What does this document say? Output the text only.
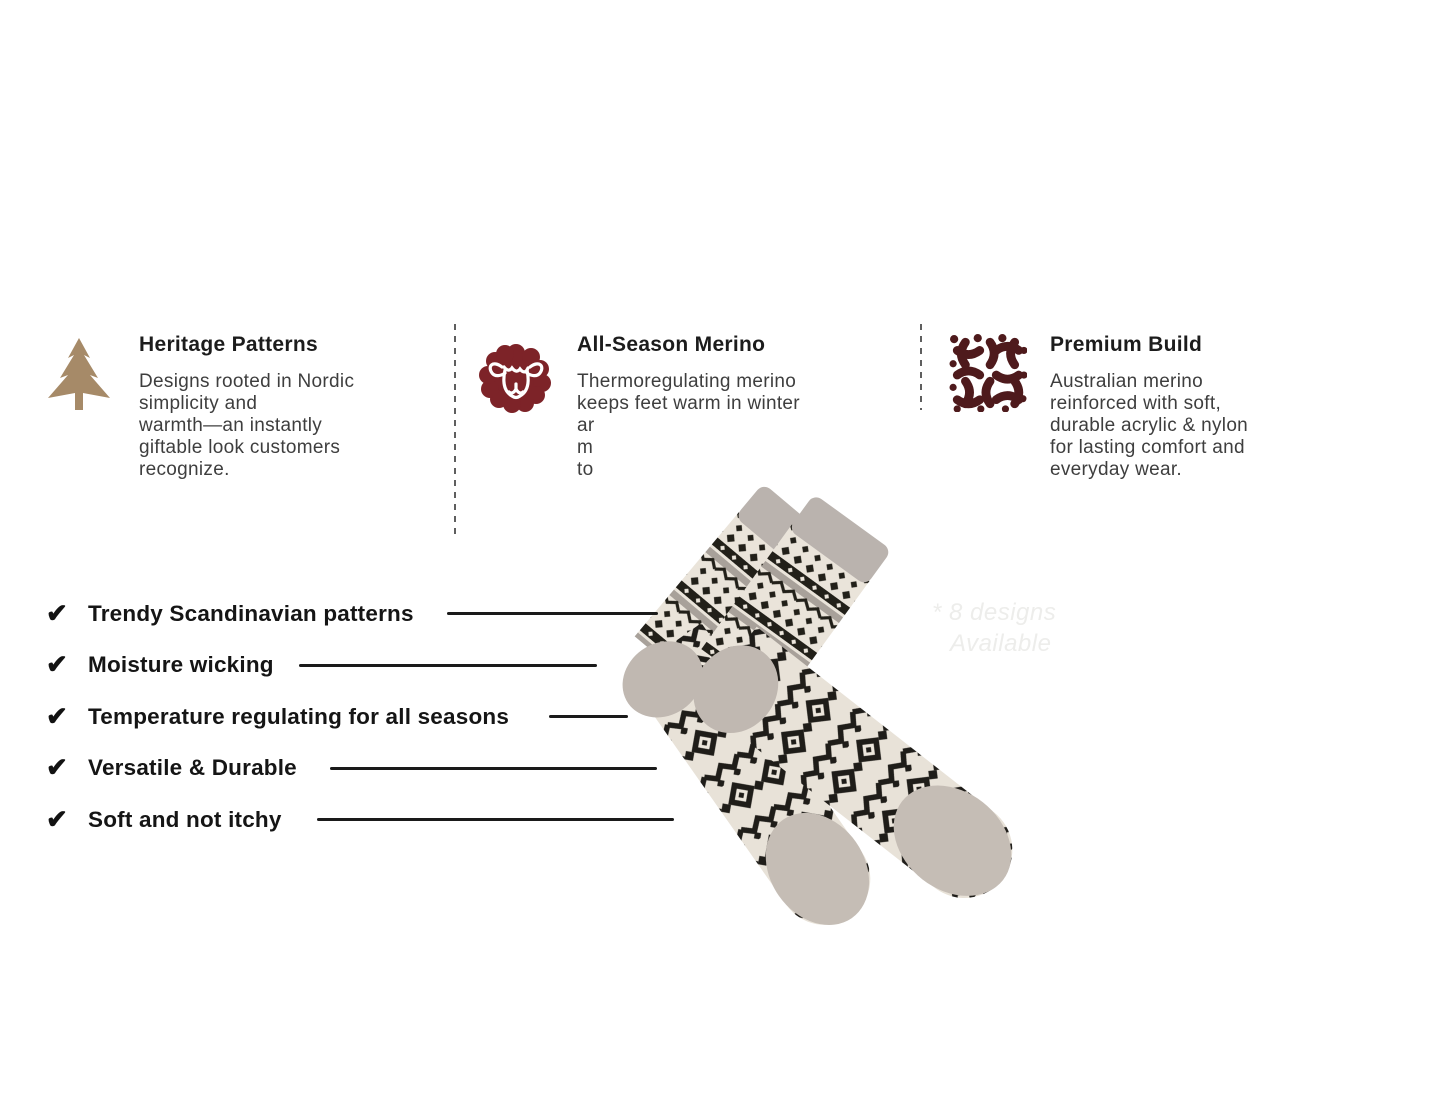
Heritage Patterns
Designs rooted in Nordic
simplicity and
warmth—an instantly
giftable look customers
recognize.
All-Season Merino
Thermoregulating merino
keeps feet warm in winter
ar
m
to
Premium Build
Australian merino
reinforced with soft,
durable acrylic & nylon
for lasting comfort and
everyday wear.
* 8 designs
Available
✔ Trendy Scandinavian patterns
✔ Moisture wicking
✔ Temperature regulating for all seasons
✔ Versatile & Durable
✔ Soft and not itchy
